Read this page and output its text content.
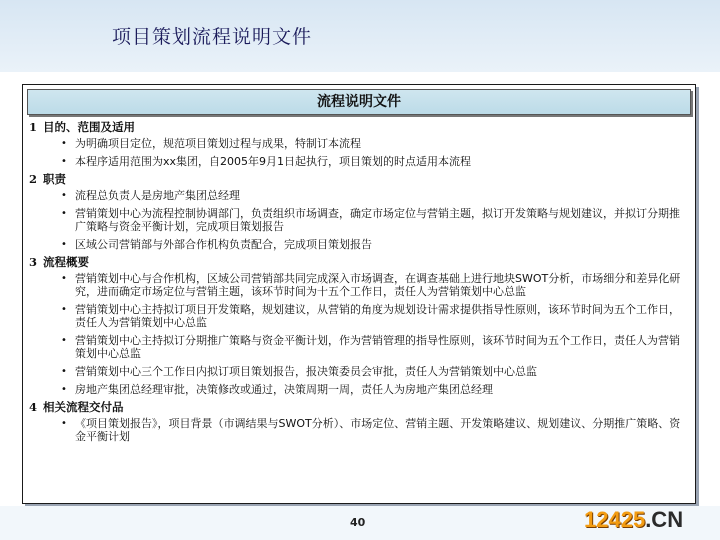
项目策划流程说明文件
流程说明文件
1 目的、范围及适用
• 为明确项目定位，规范项目策划过程与成果，特制订本流程
• 本程序适用范围为xx集团，自2005年9月1日起执行，项目策划的时点适用本流程
2 职责
• 流程总负责人是房地产集团总经理
• 营销策划中心为流程控制协调部门，负责组织市场调查，确定市场定位与营销主题，拟订开发策略与规划建议，并拟订分期推广策略与资金平衡计划，完成项目策划报告
• 区域公司营销部与外部合作机构负责配合，完成项目策划报告
3 流程概要
• 营销策划中心与合作机构，区域公司营销部共同完成深入市场调查，在调查基础上进行地块SWOT分析，市场细分和差异化研究，进而确定市场定位与营销主题，该环节时间为十五个工作日，责任人为营销策划中心总监
• 营销策划中心主持拟订项目开发策略，规划建议，从营销的角度为规划设计需求提供指导性原则，该环节时间为五个工作日，责任人为营销策划中心总监
• 营销策划中心主持拟订分期推广策略与资金平衡计划，作为营销管理的指导性原则，该环节时间为五个工作日，责任人为营销策划中心总监
• 营销策划中心三个工作日内拟订项目策划报告，报决策委员会审批，责任人为营销策划中心总监
• 房地产集团总经理审批，决策修改或通过，决策周期一周，责任人为房地产集团总经理
4 相关流程交付品
• 《项目策划报告》，项目背景（市调结果与SWOT分析）、市场定位、营销主题、开发策略建议、规划建议、分期推广策略、资金平衡计划
40	12425.CN
